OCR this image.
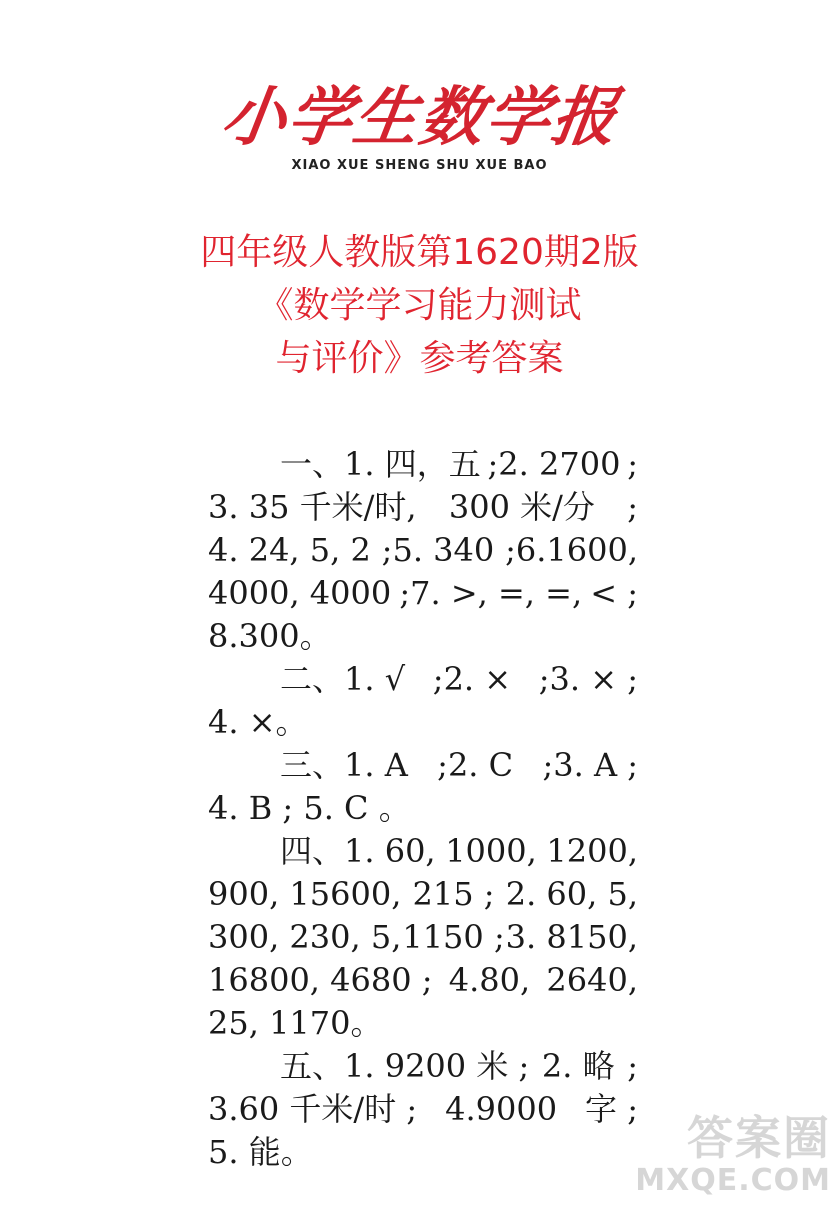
小学生数学报
XIAO XUE SHENG SHU XUE BAO
四年级人教版第1620期2版
《数学学习能力测试
与评价》参考答案
一、1. 四，五 ;2. 2700 ;
3. 35 千米/时, 300 米/分 ;
4. 24, 5, 2 ;5. 340 ;6.1600,
4000, 4000 ;7. >, =, =, < ;
8.300。
二、1. √ ;2. × ;3. × ;
4. ×。
三、1. A ;2. C ;3. A ;
4. B ; 5. C 。
四、1. 60, 1000, 1200,
900, 15600, 215 ; 2. 60, 5,
300, 230, 5, 1150 ; 3. 8150,
16800, 4680 ; 4.80, 2640,
25, 1170。
五、1. 9200 米 ; 2. 略 ;
3.60 千米/时 ; 4.9000 字 ;
5. 能。	答案圈
MXQE.COM
